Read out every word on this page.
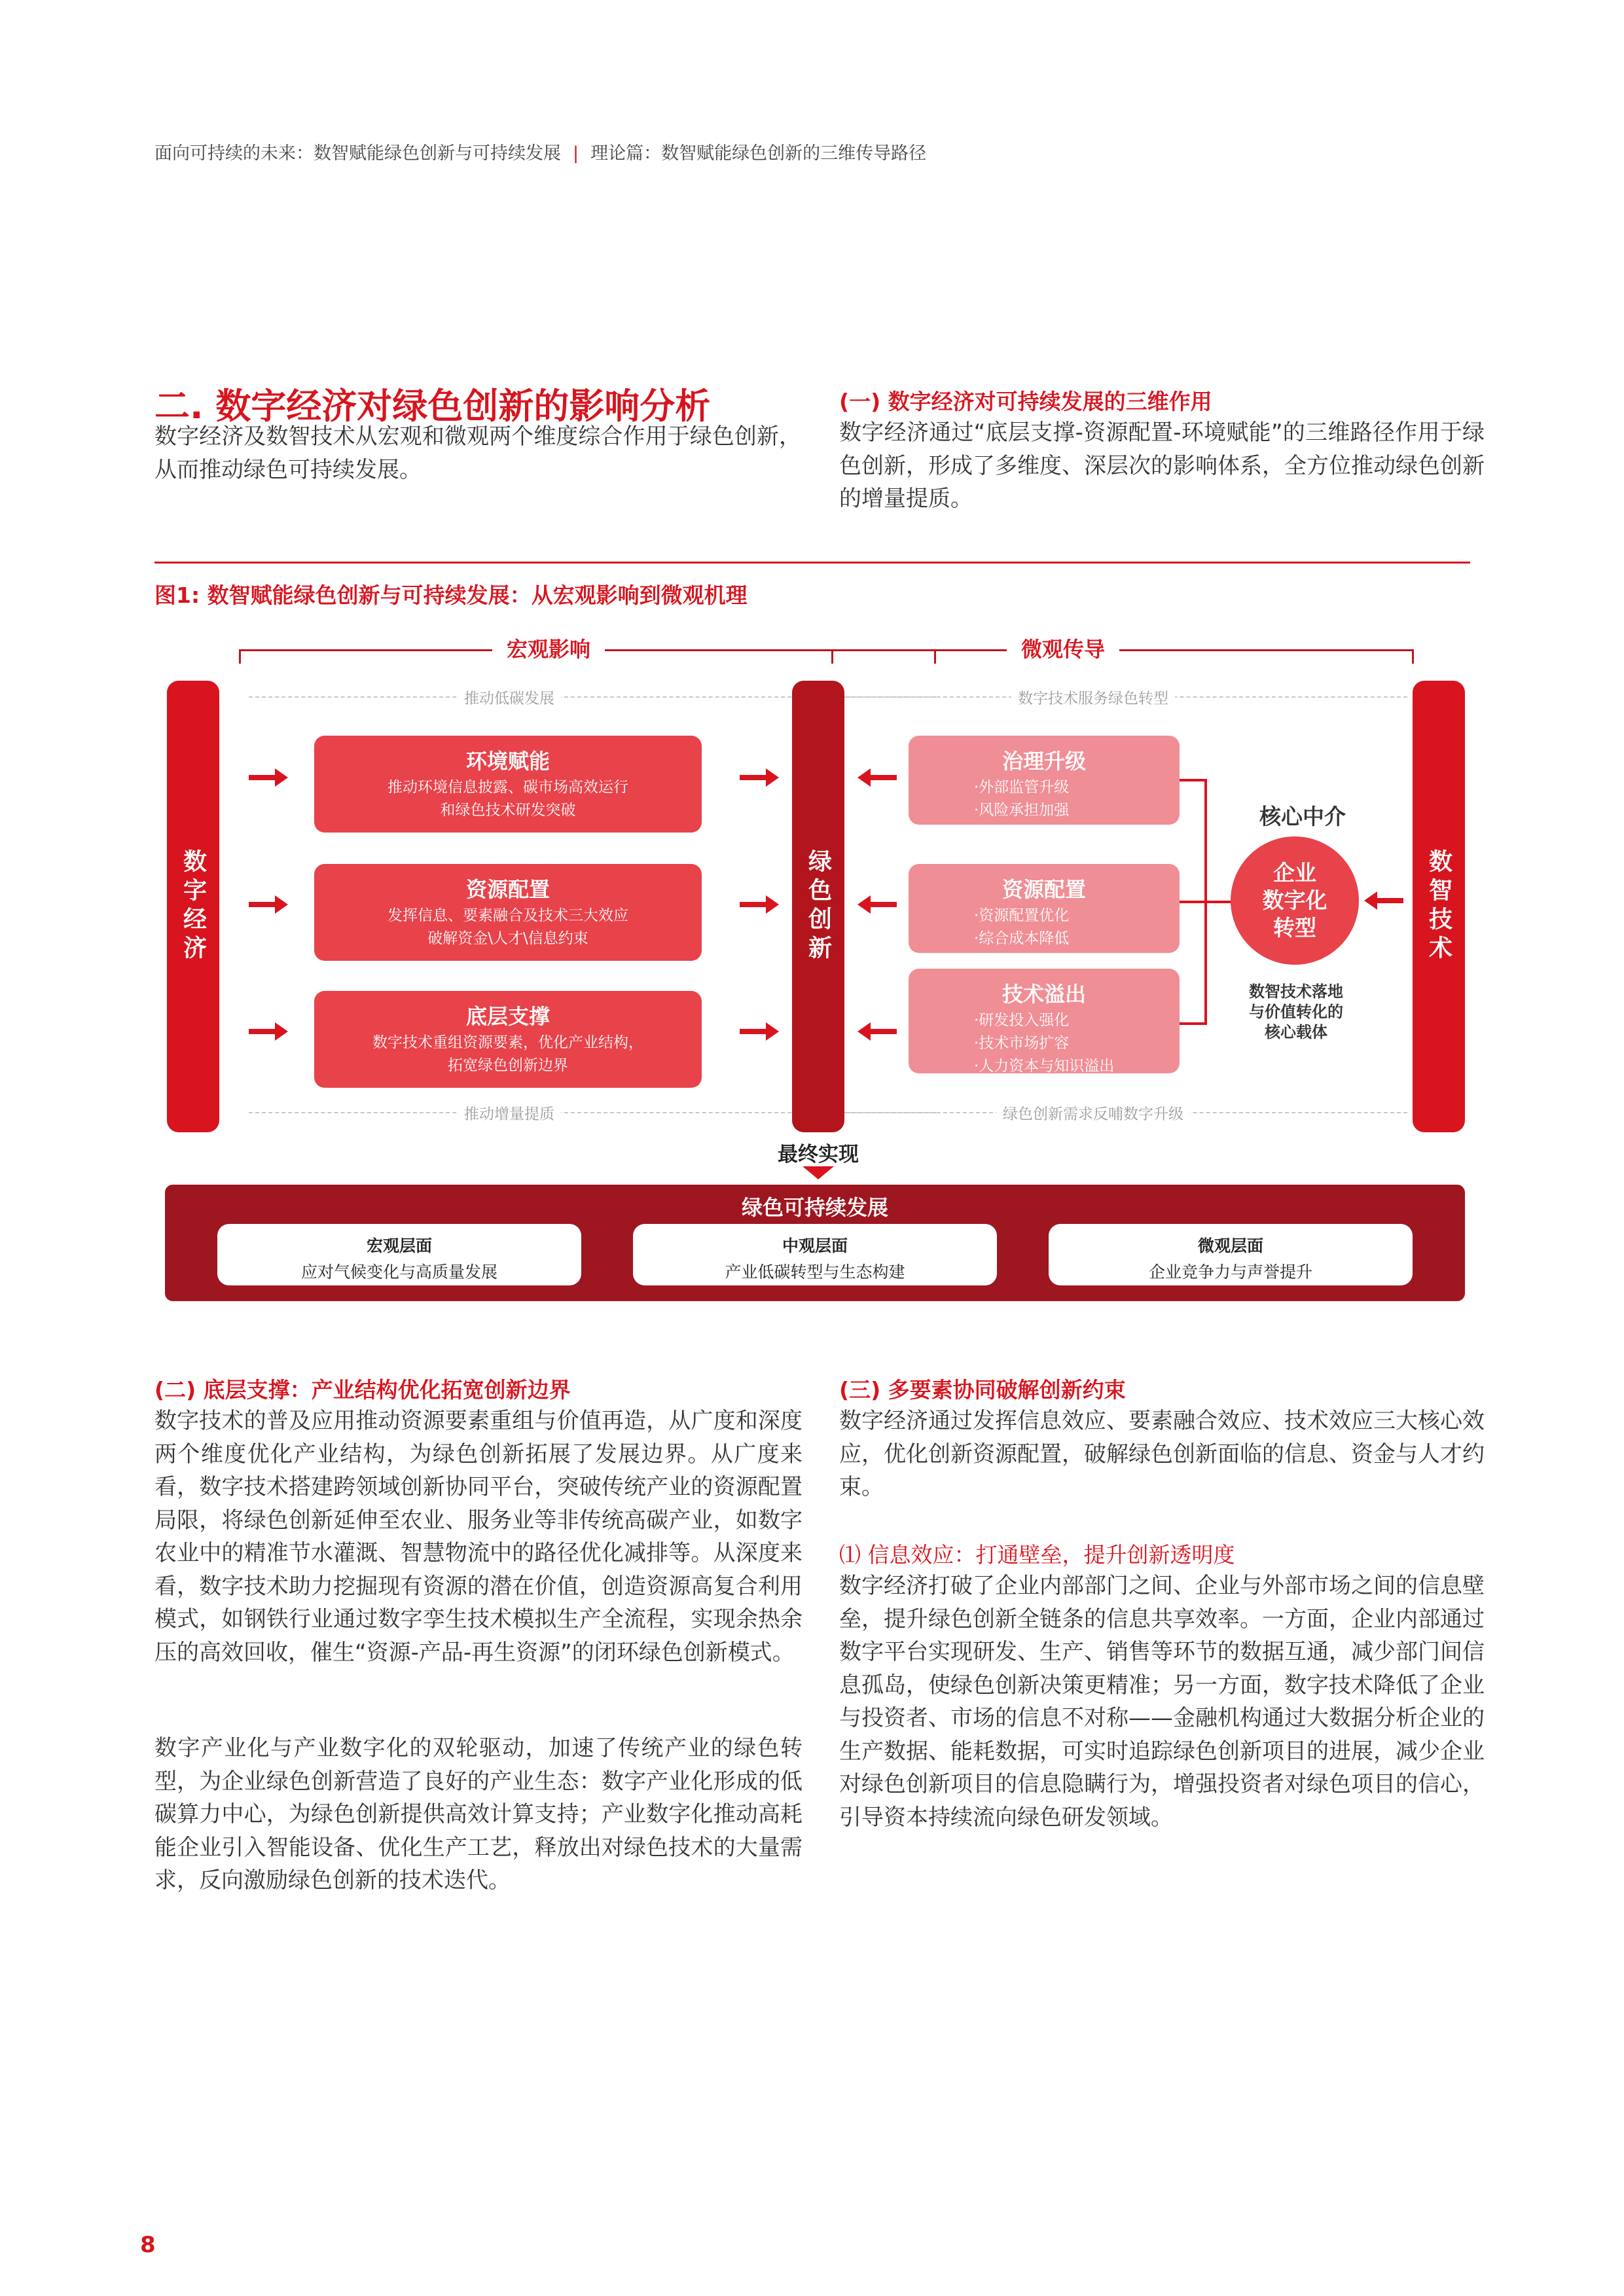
面向可持续的未来：数智赋能绿色创新与可持续发展 | 理论篇：数智赋能绿色创新的三维传导路径
二. 数字经济对绿色创新的影响分析
数字经济及数智技术从宏观和微观两个维度综合作用于绿色创新，从而推动绿色可持续发展。
(一) 数字经济对可持续发展的三维作用
数字经济通过“底层支撑-资源配置-环境赋能”的三维路径作用于绿色创新，形成了多维度、深层次的影响体系，全方位推动绿色创新的增量提质。
图1: 数智赋能绿色创新与可持续发展：从宏观影响到微观机理
宏观影响	微观传导
推动低碳发展	数字技术服务绿色转型
推动增量提质	绿色创新需求反哺数字升级
数字经济	绿色创新	数智技术
环境赋能
推动环境信息披露、碳市场高效运行
和绿色技术研发突破
资源配置
发挥信息、要素融合及技术三大效应
破解资金\人才\信息约束
底层支撑
数字技术重组资源要素，优化产业结构，
拓宽绿色创新边界
治理升级
·外部监管升级
·风险承担加强
资源配置
·资源配置优化
·综合成本降低
技术溢出
·研发投入强化
·技术市场扩容
·人力资本与知识溢出
核心中介
企业
数字化
转型
数智技术落地
与价值转化的
核心载体
最终实现
绿色可持续发展
宏观层面
应对气候变化与高质量发展
中观层面
产业低碳转型与生态构建
微观层面
企业竞争力与声誉提升
(二) 底层支撑：产业结构优化拓宽创新边界
数字技术的普及应用推动资源要素重组与价值再造，从广度和深度两个维度优化产业结构，为绿色创新拓展了发展边界。从广度来看，数字技术搭建跨领域创新协同平台，突破传统产业的资源配置局限，将绿色创新延伸至农业、服务业等非传统高碳产业，如数字农业中的精准节水灌溉、智慧物流中的路径优化减排等。从深度来看，数字技术助力挖掘现有资源的潜在价值，创造资源高复合利用模式，如钢铁行业通过数字孪生技术模拟生产全流程，实现余热余压的高效回收，催生“资源-产品-再生资源”的闭环绿色创新模式。
数字产业化与产业数字化的双轮驱动，加速了传统产业的绿色转型，为企业绿色创新营造了良好的产业生态：数字产业化形成的低碳算力中心，为绿色创新提供高效计算支持；产业数字化推动高耗能企业引入智能设备、优化生产工艺，释放出对绿色技术的大量需求，反向激励绿色创新的技术迭代。
(三) 多要素协同破解创新约束
数字经济通过发挥信息效应、要素融合效应、技术效应三大核心效应，优化创新资源配置，破解绿色创新面临的信息、资金与人才约束。
⑴ 信息效应：打通壁垒，提升创新透明度
数字经济打破了企业内部部门之间、企业与外部市场之间的信息壁垒，提升绿色创新全链条的信息共享效率。一方面，企业内部通过数字平台实现研发、生产、销售等环节的数据互通，减少部门间信息孤岛，使绿色创新决策更精准；另一方面，数字技术降低了企业与投资者、市场的信息不对称——金融机构通过大数据分析企业的生产数据、能耗数据，可实时追踪绿色创新项目的进展，减少企业对绿色创新项目的信息隐瞒行为，增强投资者对绿色项目的信心，引导资本持续流向绿色研发领域。
8
